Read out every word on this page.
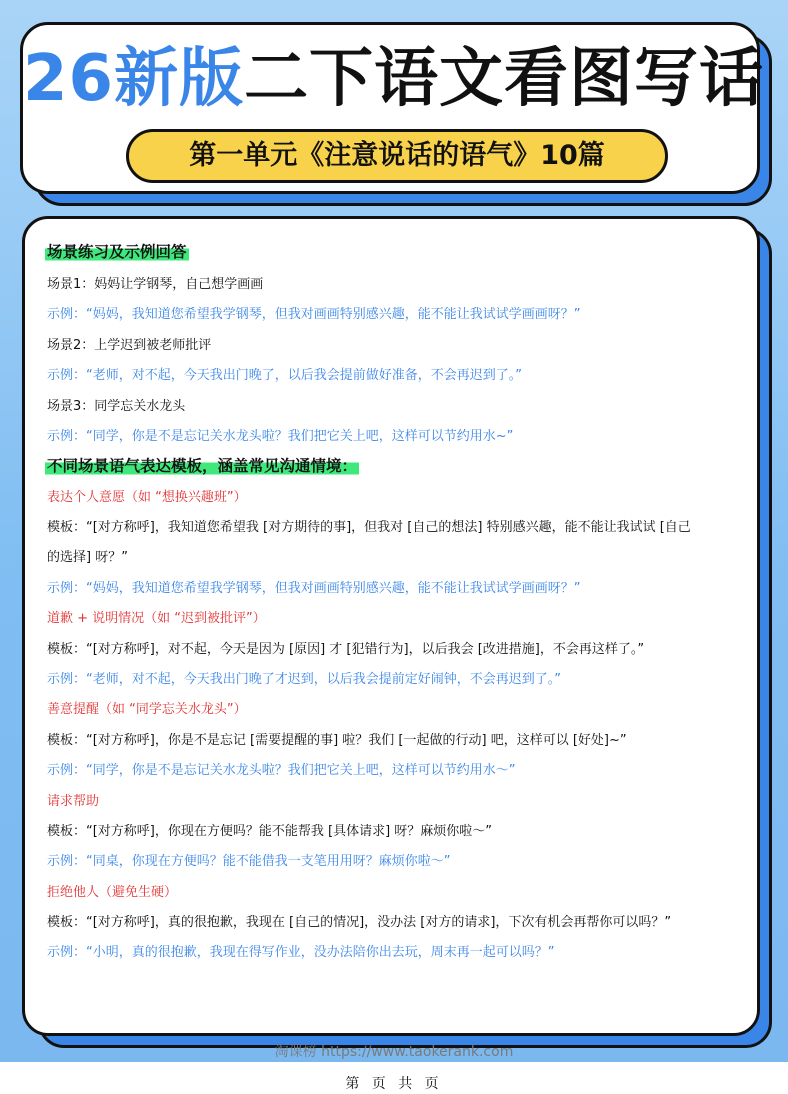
26新版二下语文看图写话
第一单元《注意说话的语气》10篇
场景练习及示例回答
场景1：妈妈让学钢琴，自己想学画画
示例：“妈妈，我知道您希望我学钢琴，但我对画画特别感兴趣，能不能让我试试学画画呀？”
场景2：上学迟到被老师批评
示例：“老师，对不起，今天我出门晚了，以后我会提前做好准备，不会再迟到了。”
场景3：同学忘关水龙头
示例：“同学，你是不是忘记关水龙头啦？我们把它关上吧，这样可以节约用水~”
不同场景语气表达模板，涵盖常见沟通情境：
表达个人意愿（如 “想换兴趣班”）
模板：“[对方称呼]，我知道您希望我 [对方期待的事]，但我对 [自己的想法] 特别感兴趣，能不能让我试试 [自己
的选择] 呀？”
示例：“妈妈，我知道您希望我学钢琴，但我对画画特别感兴趣，能不能让我试试学画画呀？”
道歉 + 说明情况（如 “迟到被批评”）
模板：“[对方称呼]，对不起，今天是因为 [原因] 才 [犯错行为]，以后我会 [改进措施]，不会再这样了。”
示例：“老师，对不起，今天我出门晚了才迟到，以后我会提前定好闹钟，不会再迟到了。”
善意提醒（如 “同学忘关水龙头”）
模板：“[对方称呼]，你是不是忘记 [需要提醒的事] 啦？我们 [一起做的行动] 吧，这样可以 [好处]~”
示例：“同学，你是不是忘记关水龙头啦？我们把它关上吧，这样可以节约用水～”
请求帮助
模板：“[对方称呼]，你现在方便吗？能不能帮我 [具体请求] 呀？麻烦你啦～”
示例：“同桌，你现在方便吗？能不能借我一支笔用用呀？麻烦你啦～”
拒绝他人（避免生硬）
模板：“[对方称呼]，真的很抱歉，我现在 [自己的情况]，没办法 [对方的请求]，下次有机会再帮你可以吗？”
示例：“小明，真的很抱歉，我现在得写作业，没办法陪你出去玩，周末再一起可以吗？”
淘课榜 https://www.taokerank.com
第 页 共 页
